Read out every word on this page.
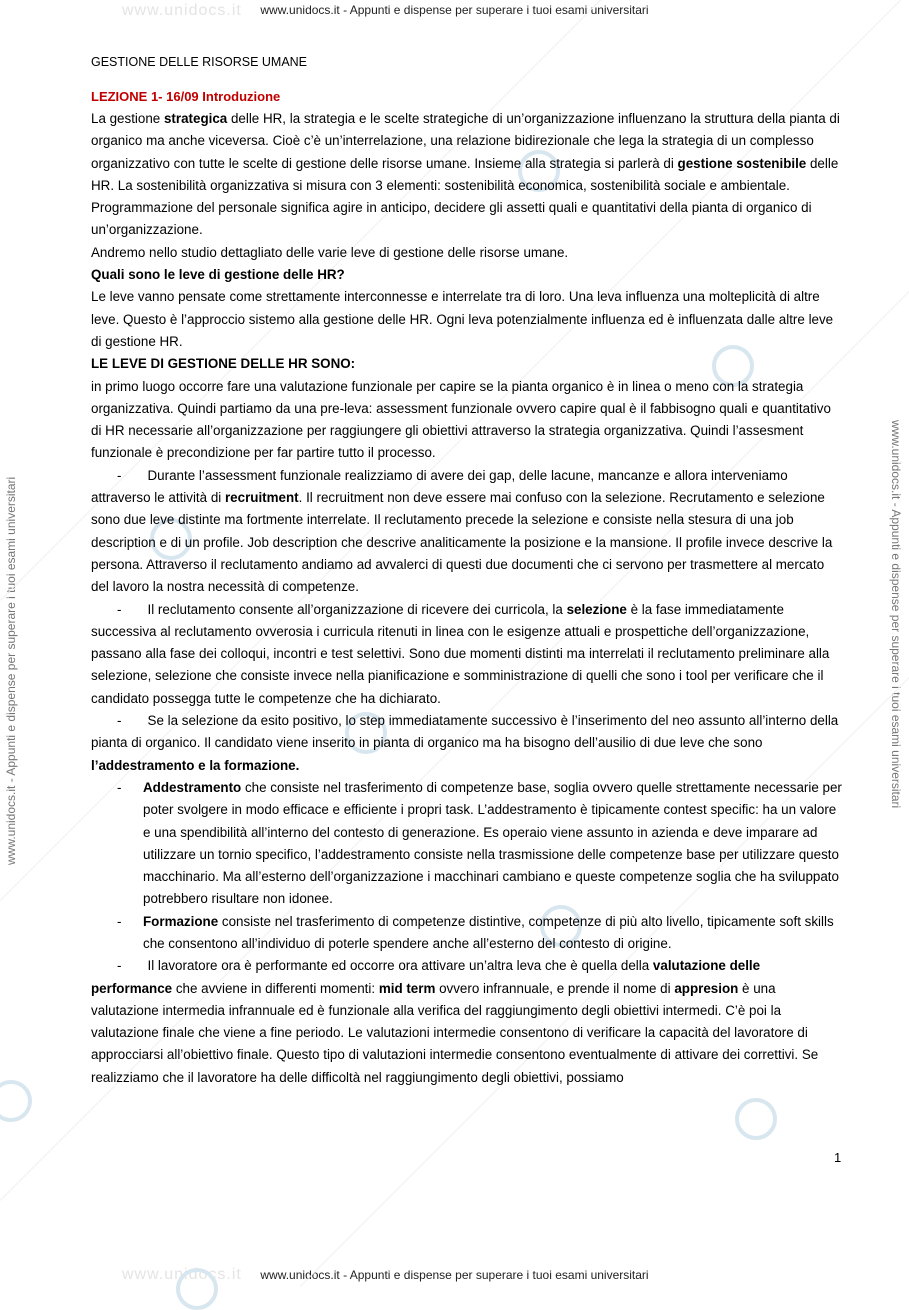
www.unidocs.it	www.unidocs.it - Appunti e dispense per superare i tuoi esami universitari
www.unidocs.it	www.unidocs.it - Appunti e dispense per superare i tuoi esami universitari
www.unidocs.it - Appunti e dispense per superare i tuoi esami universitari	www.unidocs.it - Appunti e dispense per superare i tuoi esami universitari
GESTIONE DELLE RISORSE UMANE
LEZIONE 1- 16/09 Introduzione

La gestione strategica delle HR, la strategia e le scelte strategiche di un’organizzazione influenzano la struttura della pianta di organico ma anche viceversa. Cioè c’è un’interrelazione, una relazione bidirezionale che lega la strategia di un complesso organizzativo con tutte le scelte di gestione delle risorse umane. Insieme alla strategia si parlerà di gestione sostenibile delle HR. La sostenibilità organizzativa si misura con 3 elementi: sostenibilità economica, sostenibilità sociale e ambientale.

Programmazione del personale significa agire in anticipo, decidere gli assetti quali e quantitativi della pianta di organico di un’organizzazione.

Andremo nello studio dettagliato delle varie leve di gestione delle risorse umane.

Quali sono le leve di gestione delle HR?

Le leve vanno pensate come strettamente interconnesse e interrelate tra di loro. Una leva influenza una molteplicità di altre leve. Questo è l’approccio sistemo alla gestione delle HR. Ogni leva potenzialmente influenza ed è influenzata dalle altre leve di gestione HR.

LE LEVE DI GESTIONE DELLE HR SONO:

in primo luogo occorre fare una valutazione funzionale per capire se la pianta organico è in linea o meno con la strategia organizzativa. Quindi partiamo da una pre-leva: assessment funzionale ovvero capire qual è il fabbisogno quali e quantitativo di HR necessarie all’organizzazione per raggiungere gli obiettivi attraverso la strategia organizzativa. Quindi l’assesment funzionale è precondizione per far partire tutto il processo.

- Durante l’assessment funzionale realizziamo di avere dei gap, delle lacune, mancanze e allora interveniamo attraverso le attività di recruitment. Il recruitment non deve essere mai confuso con la selezione. Recrutamento e selezione sono due leve distinte ma fortmente interrelate. Il reclutamento precede la selezione e consiste nella stesura di una job description e di un profile. Job description che descrive analiticamente la posizione e la mansione. Il profile invece descrive la persona. Attraverso il reclutamento andiamo ad avvalerci di questi due documenti che ci servono per trasmettere al mercato del lavoro la nostra necessità di competenze.

- Il reclutamento consente all’organizzazione di ricevere dei curricola, la selezione è la fase immediatamente successiva al reclutamento ovverosia i curricula ritenuti in linea con le esigenze attuali e prospettiche dell’organizzazione, passano alla fase dei colloqui, incontri e test selettivi. Sono due momenti distinti ma interrelati il reclutamento preliminare alla selezione, selezione che consiste invece nella pianificazione e somministrazione di quelli che sono i tool per verificare che il candidato possegga tutte le competenze che ha dichiarato.

- Se la selezione da esito positivo, lo step immediatamente successivo è l’inserimento del neo assunto all’interno della pianta di organico. Il candidato viene inserito in pianta di organico ma ha bisogno dell’ausilio di due leve che sono l’addestramento e la formazione.

- Addestramento che consiste nel trasferimento di competenze base, soglia ovvero quelle strettamente necessarie per poter svolgere in modo efficace e efficiente i propri task. L’addestramento è tipicamente contest specific: ha un valore e una spendibilità all’interno del contesto di generazione. Es operaio viene assunto in azienda e deve imparare ad utilizzare un tornio specifico, l’addestramento consiste nella trasmissione delle competenze base per utilizzare questo macchinario. Ma all’esterno dell’organizzazione i macchinari cambiano e queste competenze soglia che ha sviluppato potrebbero risultare non idonee.

- Formazione consiste nel trasferimento di competenze distintive, competenze di più alto livello, tipicamente soft skills che consentono all’individuo di poterle spendere anche all’esterno del contesto di origine.

- Il lavoratore ora è performante ed occorre ora attivare un’altra leva che è quella della valutazione delle performance che avviene in differenti momenti: mid term ovvero infrannuale, e prende il nome di appresion è una valutazione intermedia infrannuale ed è funzionale alla verifica del raggiungimento degli obiettivi intermedi. C’è poi la valutazione finale che viene a fine periodo. Le valutazioni intermedie consentono di verificare la capacità del lavoratore di approcciarsi all’obiettivo finale. Questo tipo di valutazioni intermedie consentono eventualmente di attivare dei correttivi. Se realizziamo che il lavoratore ha delle difficoltà nel raggiungimento degli obiettivi, possiamo

1
